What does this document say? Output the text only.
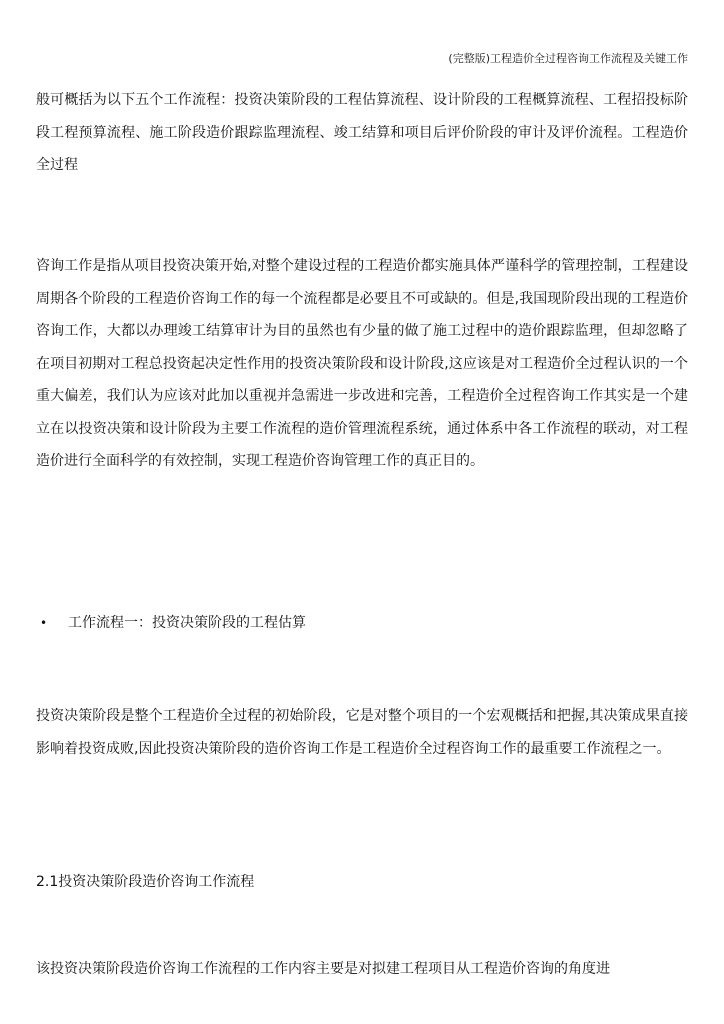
(完整版)工程造价全过程咨询工作流程及关键工作
般可概括为以下五个工作流程：投资决策阶段的工程估算流程、设计阶段的工程概算流程、工程招投标阶段工程预算流程、施工阶段造价跟踪监理流程、竣工结算和项目后评价阶段的审计及评价流程。工程造价全过程
咨询工作是指从项目投资决策开始,对整个建设过程的工程造价都实施具体严谨科学的管理控制，工程建设周期各个阶段的工程造价咨询工作的每一个流程都是必要且不可或缺的。但是,我国现阶段出现的工程造价咨询工作，大都以办理竣工结算审计为目的虽然也有少量的做了施工过程中的造价跟踪监理，但却忽略了在项目初期对工程总投资起决定性作用的投资决策阶段和设计阶段,这应该是对工程造价全过程认识的一个重大偏差，我们认为应该对此加以重视并急需进一步改进和完善，工程造价全过程咨询工作其实是一个建立在以投资决策和设计阶段为主要工作流程的造价管理流程系统，通过体系中各工作流程的联动，对工程造价进行全面科学的有效控制，实现工程造价咨询管理工作的真正目的。
• 工作流程一：投资决策阶段的工程估算
投资决策阶段是整个工程造价全过程的初始阶段，它是对整个项目的一个宏观概括和把握,其决策成果直接影响着投资成败,因此投资决策阶段的造价咨询工作是工程造价全过程咨询工作的最重要工作流程之一。
2.1投资决策阶段造价咨询工作流程
该投资决策阶段造价咨询工作流程的工作内容主要是对拟建工程项目从工程造价咨询的角度进
